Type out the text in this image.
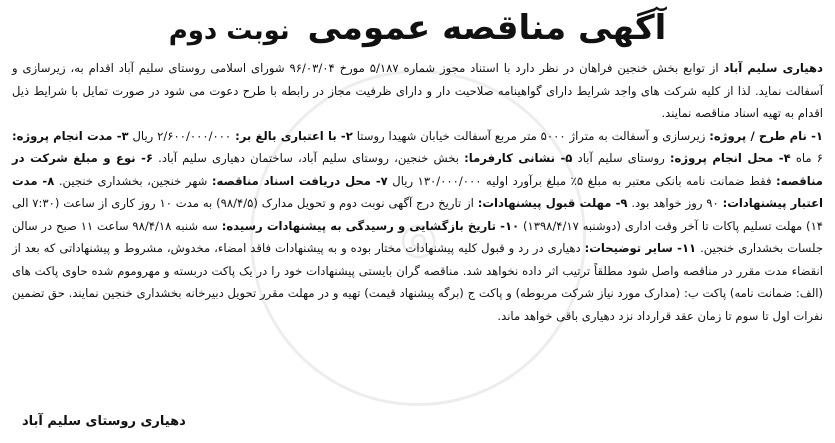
◎
آگهی مناقصه عمومی نوبت دوم
دهیاری سلیم آباد از توابع بخش خنجین فراهان در نظر دارد با استناد مجوز شماره ۵/۱۸۷ مورخ ۹۶/۰۳/۰۴ شورای اسلامی روستای سلیم آباد اقدام به، زیرسازی و آسفالت نماید. لذا از کلیه شرکت های واجد شرایط دارای گواهینامه صلاحیت دار و دارای ظرفیت مجاز در رابطه با طرح دعوت می شود در صورت تمایل با شرایط ذیل اقدام به تهیه اسناد مناقصه نمایند.
۱- نام طرح / پروژه: زیرسازی و آسفالت به متراژ ۵۰۰۰ متر مربع آسفالت خیابان شهیدا روستا ۲- با اعتباری بالغ بر: ۲/۶۰۰/۰۰۰/۰۰۰ ریال ۳- مدت انجام پروژه: ۶ ماه ۴- محل انجام پروژه: روستای سلیم آباد ۵- نشانی کارفرما: بخش خنجین، روستای سلیم آباد، ساختمان دهیاری سلیم آباد. ۶- نوع و مبلغ شرکت در مناقصه: فقط ضمانت نامه بانکی معتبر به مبلغ ۵٪ مبلغ برآورد اولیه ۱۳۰/۰۰۰/۰۰۰ ریال ۷- محل دریافت اسناد مناقصه: شهر خنجین، بخشداری خنجین. ۸- مدت اعتبار پیشنهادات: ۹۰ روز خواهد بود. ۹- مهلت قبول پیشنهادات: از تاریخ درج آگهی نوبت دوم و تحویل مدارک (۹۸/۴/۵) به مدت ۱۰ روز کاری از ساعت (۷:۳۰ الی ۱۴) مهلت تسلیم پاکات تا آخر وقت اداری (دوشنبه ۱۳۹۸/۴/۱۷) ۱۰- تاریخ بازگشایی و رسیدگی به پیشنهادات رسیده: سه شنبه ۹۸/۴/۱۸ ساعت ۱۱ صبح در سالن جلسات بخشداری خنجین. ۱۱- سایر توضیحات: دهیاری در رد و قبول کلیه پیشنهادات مختار بوده و به پیشنهادات فاقد امضاء، مخدوش، مشروط و پیشنهاداتی که بعد از انقضاء مدت مقرر در مناقصه واصل شود مطلقاً ترتیب اثر داده نخواهد شد. مناقصه گران بایستی پیشنهادات خود را در یک پاکت دربسته و مهروموم شده حاوی پاکت های (الف: ضمانت نامه) پاکت ب: (مدارک مورد نیاز شرکت مربوطه) و پاکت ج (برگه پیشنهاد قیمت) تهیه و در مهلت مقرر تحویل دبیرخانه بخشداری خنجین نمایند. حق تضمین نفرات اول تا سوم تا زمان عقد قرارداد نزد دهیاری باقی خواهد ماند.
دهیاری روستای سلیم آباد
